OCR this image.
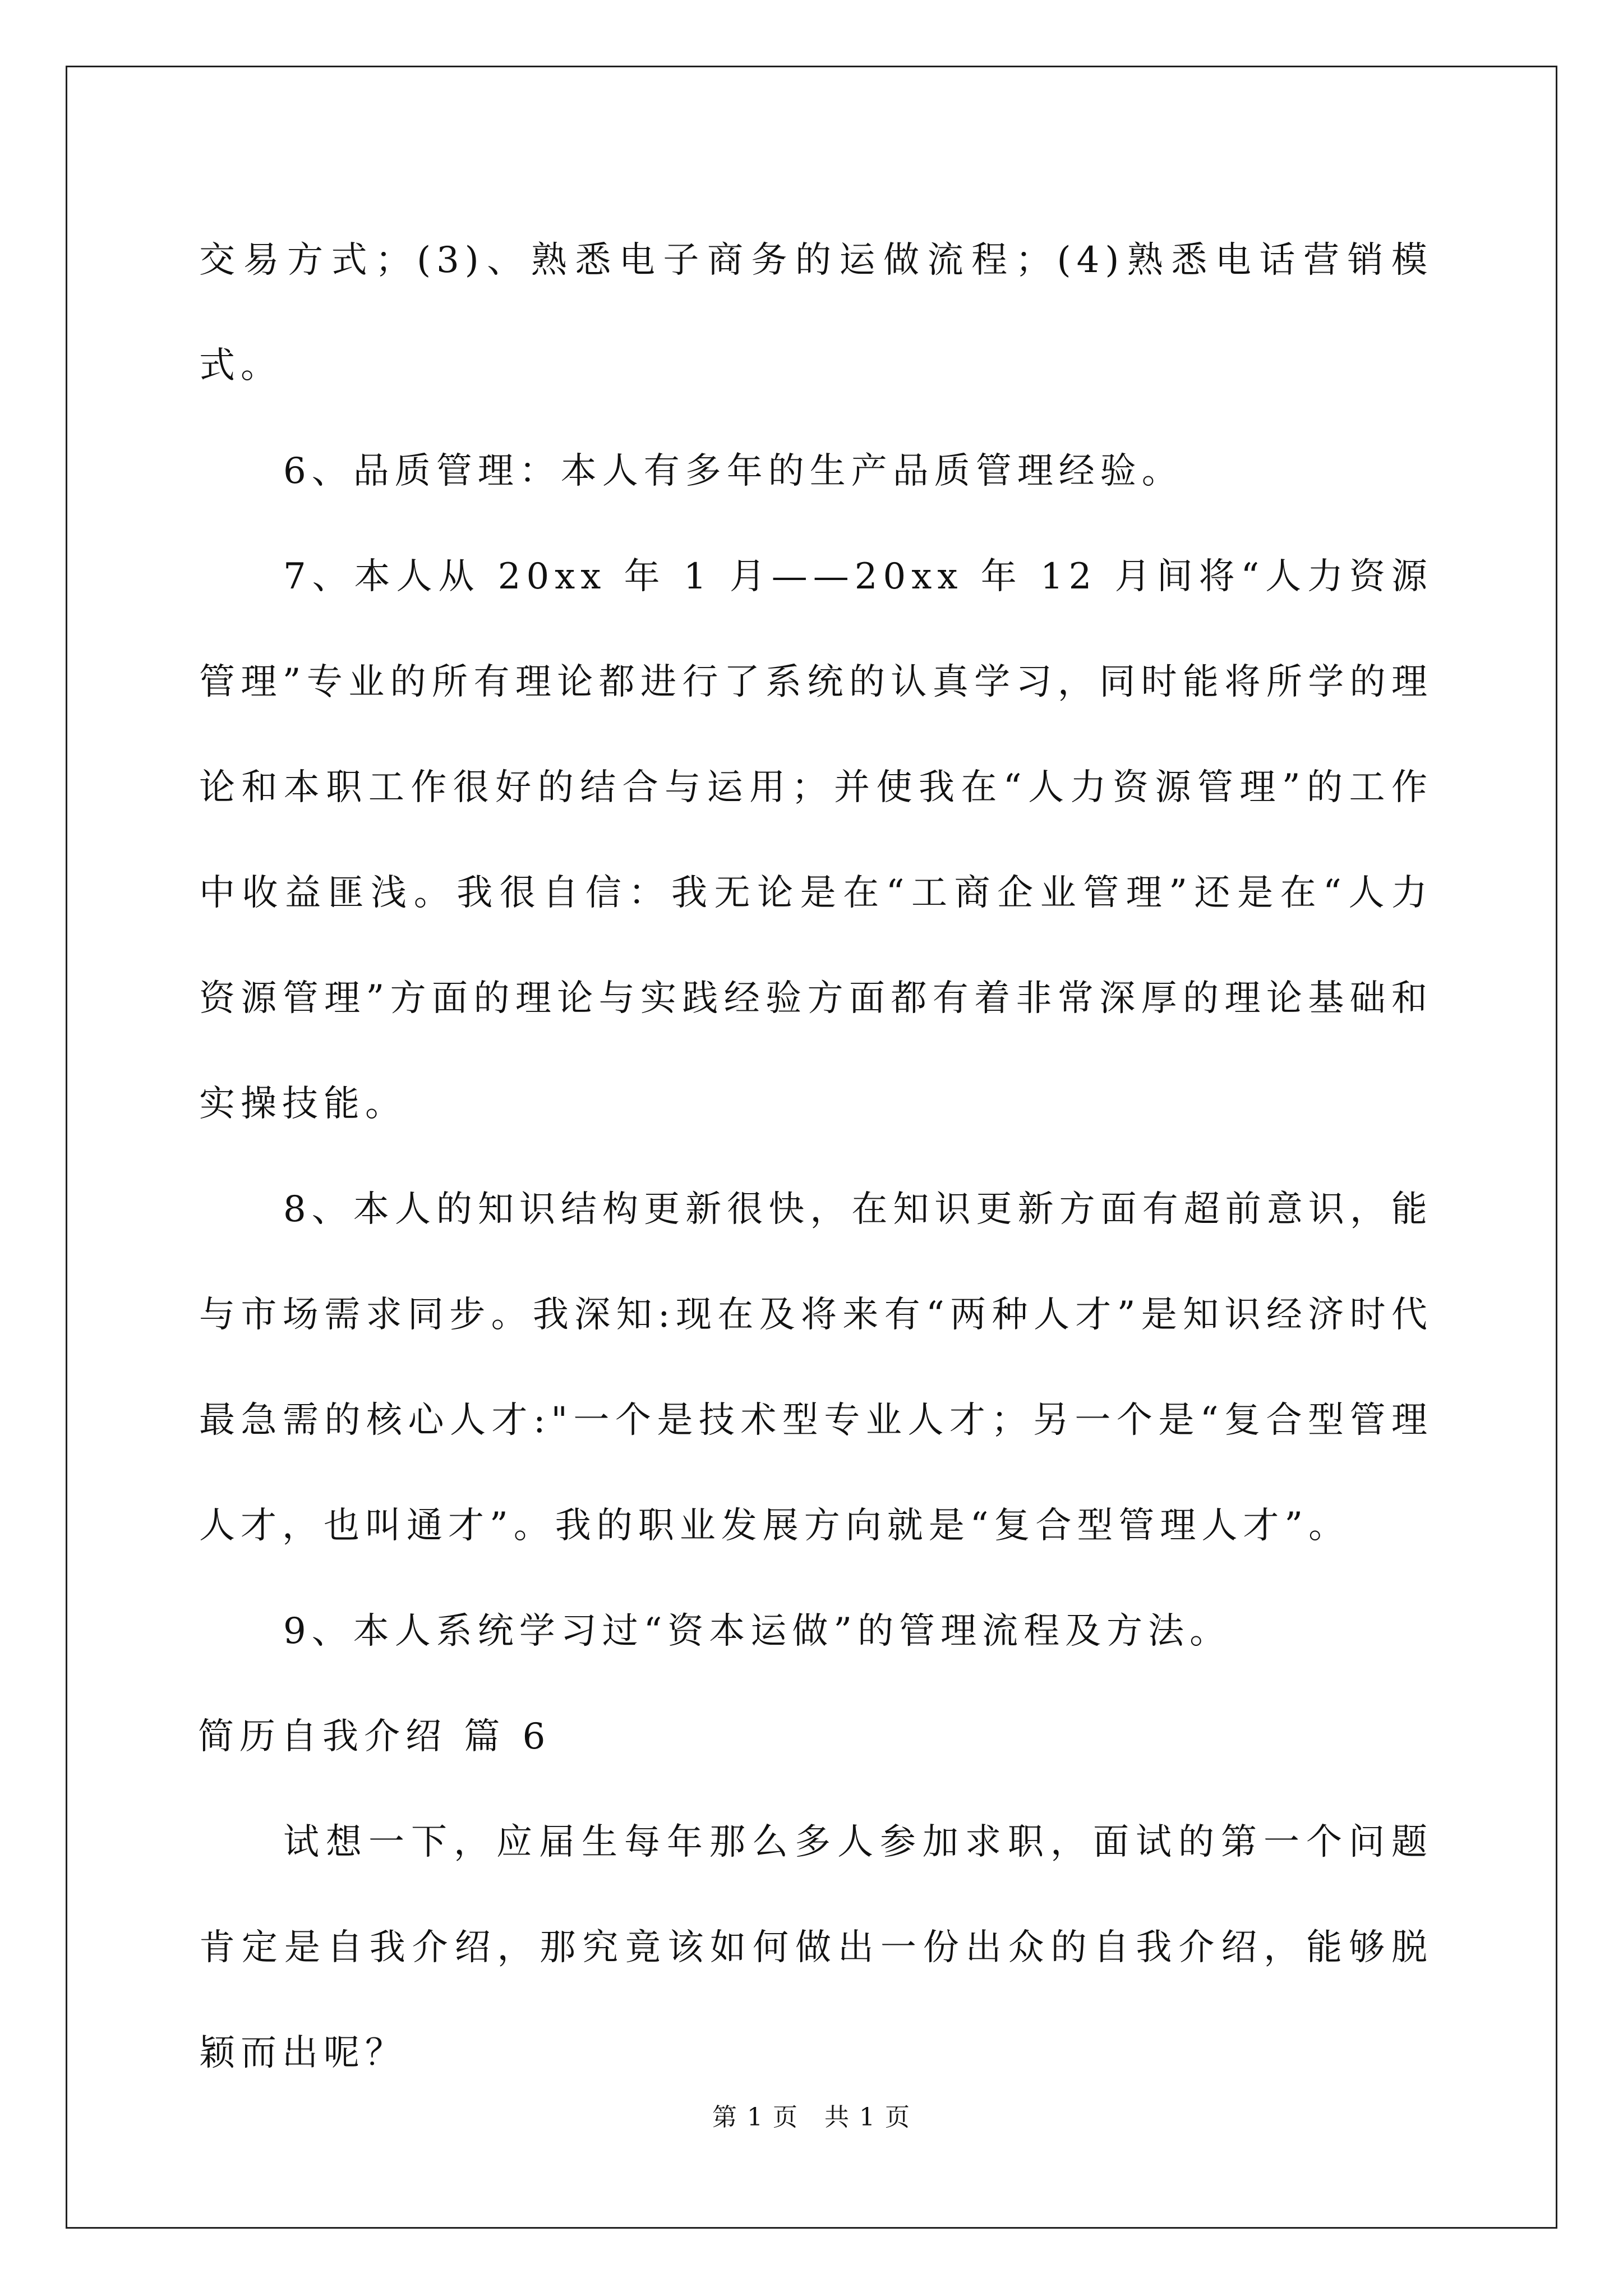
交易方式；(3)、熟悉电子商务的运做流程；(4)熟悉电话营销模式。

6、品质管理：本人有多年的生产品质管理经验。

7、本人从 20xx 年 1 月——20xx 年 12 月间将“人力资源管理”专业的所有理论都进行了系统的认真学习，同时能将所学的理论和本职工作很好的结合与运用；并使我在“人力资源管理”的工作中收益匪浅。我很自信：我无论是在“工商企业管理”还是在“人力资源管理”方面的理论与实践经验方面都有着非常深厚的理论基础和实操技能。

8、本人的知识结构更新很快，在知识更新方面有超前意识，能与市场需求同步。我深知:现在及将来有“两种人才”是知识经济时代最急需的核心人才:"一个是技术型专业人才；另一个是“复合型管理人才，也叫通才”。我的职业发展方向就是“复合型管理人才”。

9、本人系统学习过“资本运做”的管理流程及方法。

简历自我介绍 篇 6

试想一下，应届生每年那么多人参加求职，面试的第一个问题肯定是自我介绍，那究竟该如何做出一份出众的自我介绍，能够脱颖而出呢？

第 1 页　共 1 页
